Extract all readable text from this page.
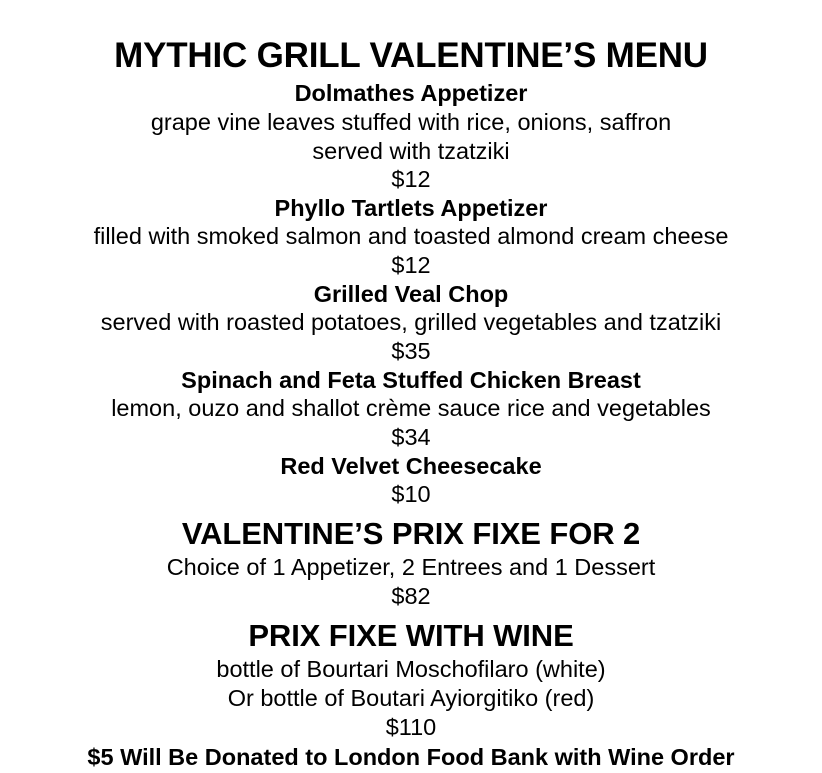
MYTHIC GRILL VALENTINE’S MENU

Dolmathes Appetizer

grape vine leaves stuffed with rice, onions, saffron

served with tzatziki

$12

Phyllo Tartlets Appetizer

filled with smoked salmon and toasted almond cream cheese

$12

Grilled Veal Chop

served with roasted potatoes, grilled vegetables and tzatziki

$35

Spinach and Feta Stuffed Chicken Breast

lemon, ouzo and shallot crème sauce rice and vegetables

$34

Red Velvet Cheesecake

$10

VALENTINE’S PRIX FIXE FOR 2

Choice of 1 Appetizer, 2 Entrees and 1 Dessert

$82

PRIX FIXE WITH WINE

bottle of Bourtari Moschofilaro (white)

Or bottle of Boutari Ayiorgitiko (red)

$110

$5 Will Be Donated to London Food Bank with Wine Order
